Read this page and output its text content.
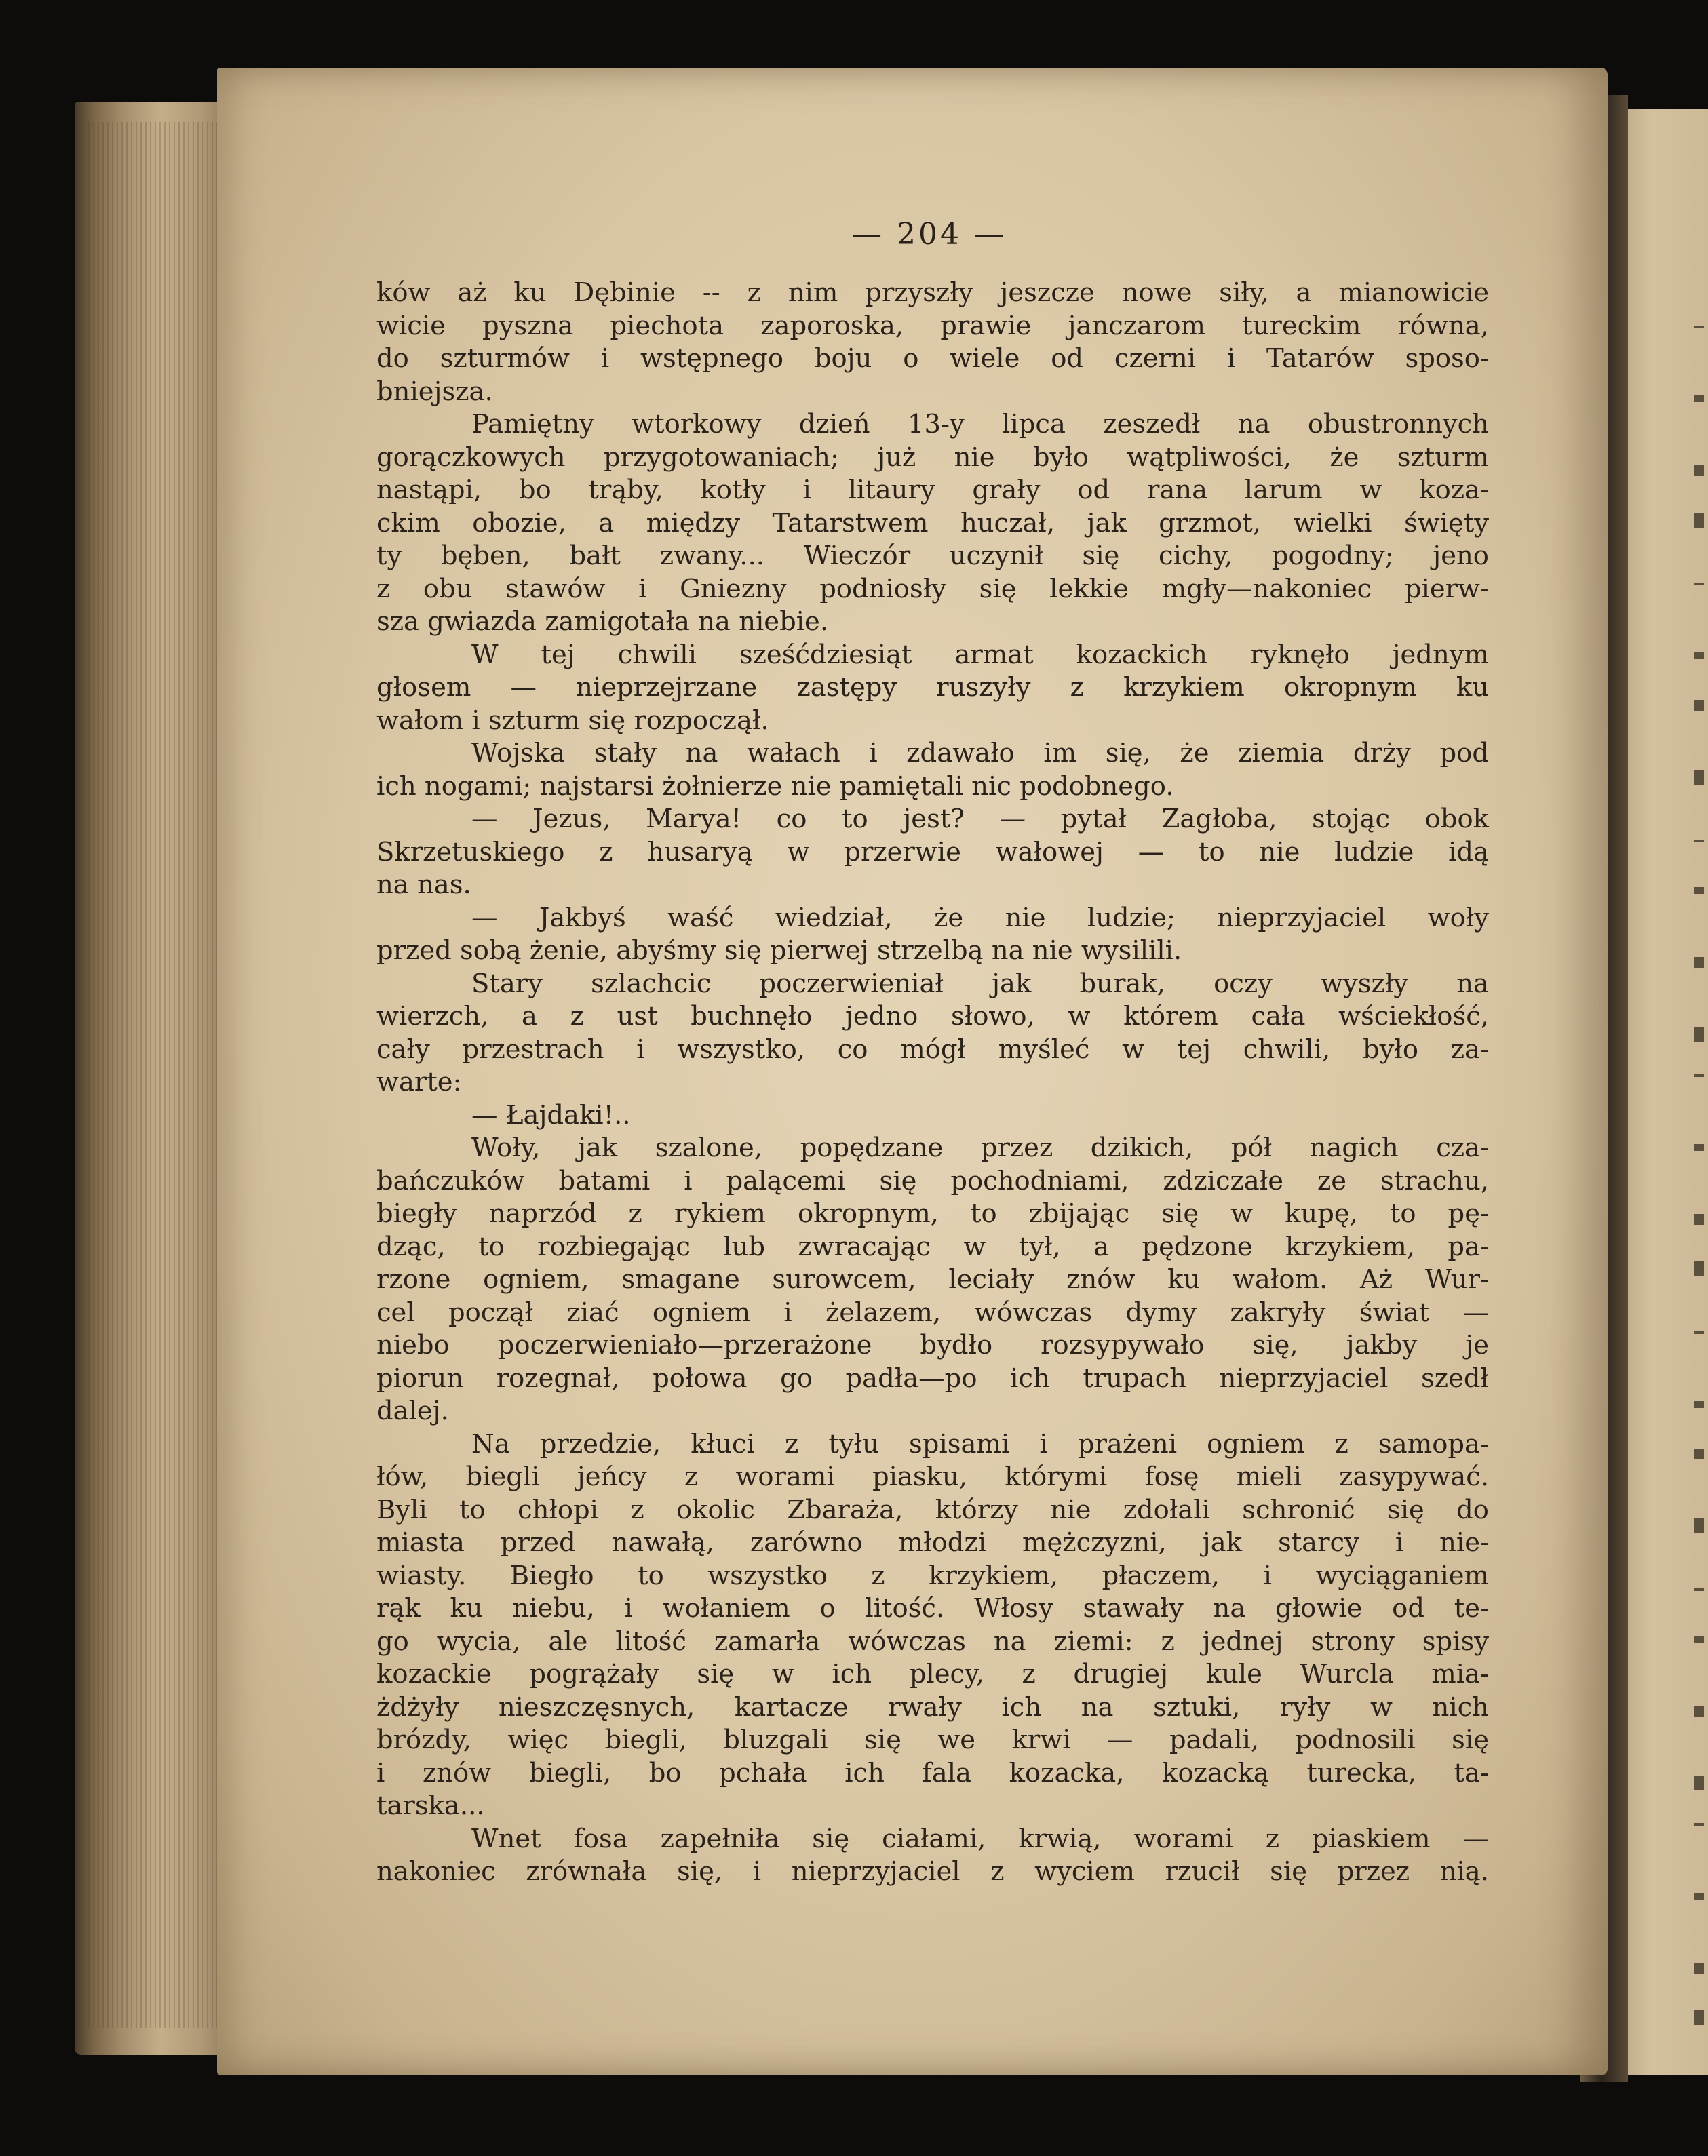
— 204 —
ków aż ku Dębinie -- z nim przyszły jeszcze nowe siły, a mianowicie
wicie pyszna piechota zaporoska, prawie janczarom tureckim równa,
do szturmów i wstępnego boju o wiele od czerni i Tatarów sposo-
bniejsza.
Pamiętny wtorkowy dzień 13-y lipca zeszedł na obustronnych
gorączkowych przygotowaniach; już nie było wątpliwości, że szturm
nastąpi, bo trąby, kotły i litaury grały od rana larum w koza-
ckim obozie, a między Tatarstwem huczał, jak grzmot, wielki święty
ty bęben, bałt zwany... Wieczór uczynił się cichy, pogodny; jeno
z obu stawów i Gniezny podniosły się lekkie mgły—nakoniec pierw-
sza gwiazda zamigotała na niebie.
W tej chwili sześćdziesiąt armat kozackich ryknęło jednym
głosem — nieprzejrzane zastępy ruszyły z krzykiem okropnym ku
wałom i szturm się rozpoczął.
Wojska stały na wałach i zdawało im się, że ziemia drży pod
ich nogami; najstarsi żołnierze nie pamiętali nic podobnego.
— Jezus, Marya! co to jest? — pytał Zagłoba, stojąc obok
Skrzetuskiego z husaryą w przerwie wałowej — to nie ludzie idą
na nas.
— Jakbyś waść wiedział, że nie ludzie; nieprzyjaciel woły
przed sobą żenie, abyśmy się pierwej strzelbą na nie wysilili.
Stary szlachcic poczerwieniał jak burak, oczy wyszły na
wierzch, a z ust buchnęło jedno słowo, w którem cała wściekłość,
cały przestrach i wszystko, co mógł myśleć w tej chwili, było za-
warte:
— Łajdaki!..
Woły, jak szalone, popędzane przez dzikich, pół nagich cza-
bańczuków batami i palącemi się pochodniami, zdziczałe ze strachu,
biegły naprzód z rykiem okropnym, to zbijając się w kupę, to pę-
dząc, to rozbiegając lub zwracając w tył, a pędzone krzykiem, pa-
rzone ogniem, smagane surowcem, leciały znów ku wałom. Aż Wur-
cel począł ziać ogniem i żelazem, wówczas dymy zakryły świat —
niebo poczerwieniało—przerażone bydło rozsypywało się, jakby je
piorun rozegnał, połowa go padła—po ich trupach nieprzyjaciel szedł
dalej.
Na przedzie, kłuci z tyłu spisami i prażeni ogniem z samopa-
łów, biegli jeńcy z worami piasku, którymi fosę mieli zasypywać.
Byli to chłopi z okolic Zbaraża, którzy nie zdołali schronić się do
miasta przed nawałą, zarówno młodzi mężczyzni, jak starcy i nie-
wiasty. Biegło to wszystko z krzykiem, płaczem, i wyciąganiem
rąk ku niebu, i wołaniem o litość. Włosy stawały na głowie od te-
go wycia, ale litość zamarła wówczas na ziemi: z jednej strony spisy
kozackie pogrążały się w ich plecy, z drugiej kule Wurcla mia-
żdżyły nieszczęsnych, kartacze rwały ich na sztuki, ryły w nich
brózdy, więc biegli, bluzgali się we krwi — padali, podnosili się
i znów biegli, bo pchała ich fala kozacka, kozacką turecka, ta-
tarska...
Wnet fosa zapełniła się ciałami, krwią, worami z piaskiem —
nakoniec zrównała się, i nieprzyjaciel z wyciem rzucił się przez nią.
